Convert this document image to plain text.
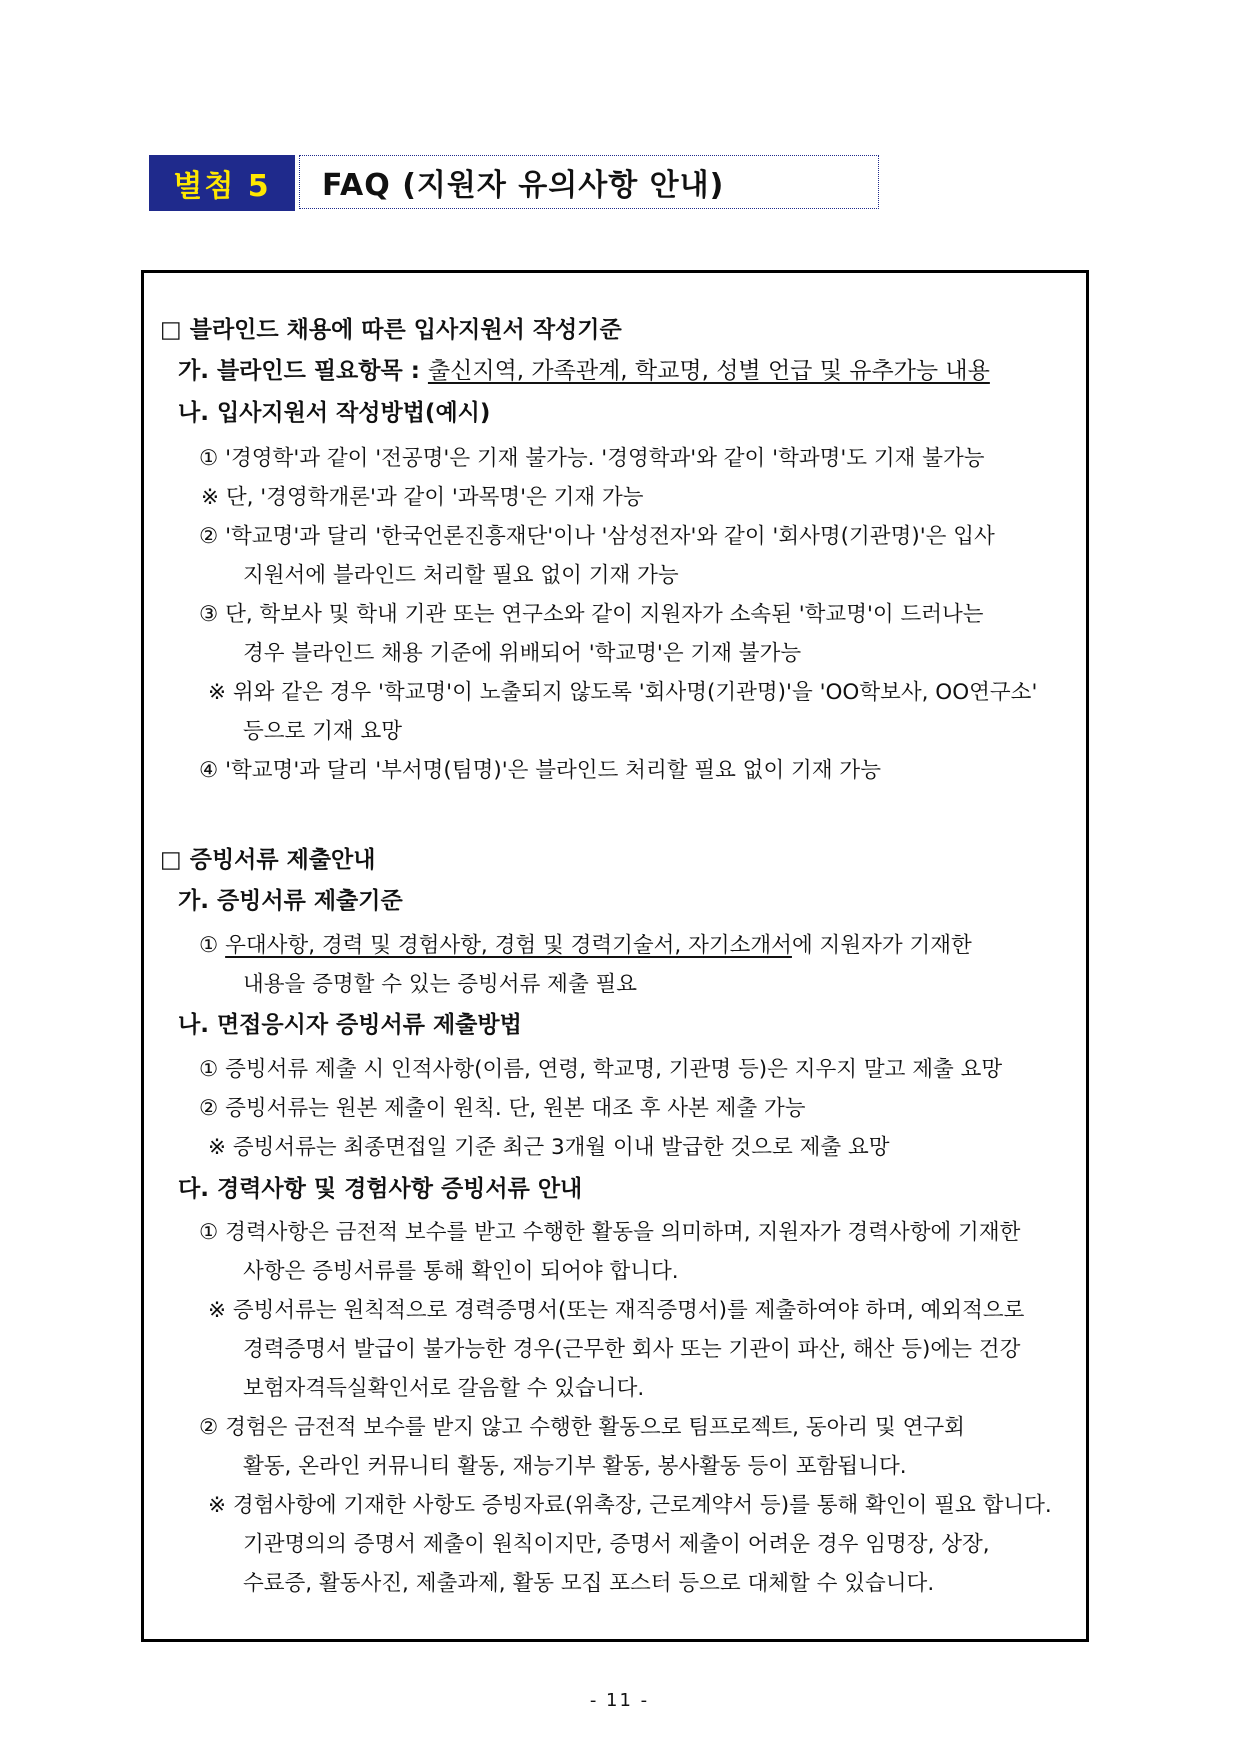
별첨 5	FAQ (지원자 유의사항 안내)
□ 블라인드 채용에 따른 입사지원서 작성기준
가. 블라인드 필요항목 : 출신지역, 가족관계, 학교명, 성별 언급 및 유추가능 내용
나. 입사지원서 작성방법(예시)
① '경영학'과 같이 '전공명'은 기재 불가능. '경영학과'와 같이 '학과명'도 기재 불가능
※ 단, '경영학개론'과 같이 '과목명'은 기재 가능
② '학교명'과 달리 '한국언론진흥재단'이나 '삼성전자'와 같이 '회사명(기관명)'은 입사
지원서에 블라인드 처리할 필요 없이 기재 가능
③ 단, 학보사 및 학내 기관 또는 연구소와 같이 지원자가 소속된 '학교명'이 드러나는
경우 블라인드 채용 기준에 위배되어 '학교명'은 기재 불가능
※ 위와 같은 경우 '학교명'이 노출되지 않도록 '회사명(기관명)'을 'OO학보사, OO연구소'
등으로 기재 요망
④ '학교명'과 달리 '부서명(팀명)'은 블라인드 처리할 필요 없이 기재 가능
□ 증빙서류 제출안내
가. 증빙서류 제출기준
① 우대사항, 경력 및 경험사항, 경험 및 경력기술서, 자기소개서에 지원자가 기재한
내용을 증명할 수 있는 증빙서류 제출 필요
나. 면접응시자 증빙서류 제출방법
① 증빙서류 제출 시 인적사항(이름, 연령, 학교명, 기관명 등)은 지우지 말고 제출 요망
② 증빙서류는 원본 제출이 원칙. 단, 원본 대조 후 사본 제출 가능
※ 증빙서류는 최종면접일 기준 최근 3개월 이내 발급한 것으로 제출 요망
다. 경력사항 및 경험사항 증빙서류 안내
① 경력사항은 금전적 보수를 받고 수행한 활동을 의미하며, 지원자가 경력사항에 기재한
사항은 증빙서류를 통해 확인이 되어야 합니다.
※ 증빙서류는 원칙적으로 경력증명서(또는 재직증명서)를 제출하여야 하며, 예외적으로
경력증명서 발급이 불가능한 경우(근무한 회사 또는 기관이 파산, 해산 등)에는 건강
보험자격득실확인서로 갈음할 수 있습니다.
② 경험은 금전적 보수를 받지 않고 수행한 활동으로 팀프로젝트, 동아리 및 연구회
활동, 온라인 커뮤니티 활동, 재능기부 활동, 봉사활동 등이 포함됩니다.
※ 경험사항에 기재한 사항도 증빙자료(위촉장, 근로계약서 등)를 통해 확인이 필요 합니다.
기관명의의 증명서 제출이 원칙이지만, 증명서 제출이 어려운 경우 임명장, 상장,
수료증, 활동사진, 제출과제, 활동 모집 포스터 등으로 대체할 수 있습니다.
- 11 -
